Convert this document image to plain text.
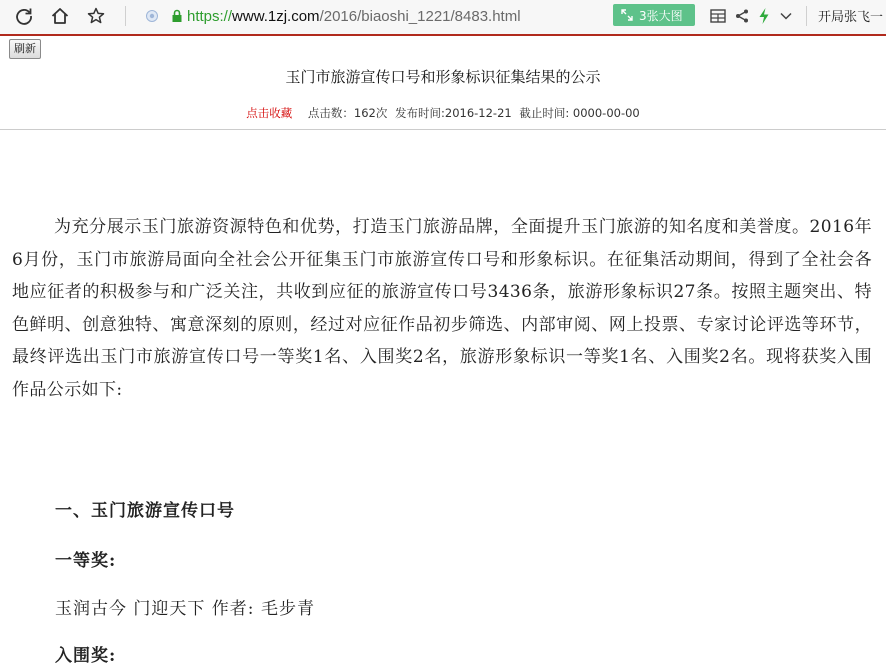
https://www.1zj.com/2016/biaoshi_1221/8483.html	3张大图	开局张飞一
刷新
玉门市旅游宣传口号和形象标识征集结果的公示
点击收藏 点击数：162次 发布时间:2016-12-21 截止时间: 0000-00-00
为充分展示玉门旅游资源特色和优势，打造玉门旅游品牌，全面提升玉门旅游的知名度和美誉度。2016年6月份，玉门市旅游局面向全社会公开征集玉门市旅游宣传口号和形象标识。在征集活动期间，得到了全社会各地应征者的积极参与和广泛关注，共收到应征的旅游宣传口号3436条，旅游形象标识27条。按照主题突出、特色鲜明、创意独特、寓意深刻的原则，经过对应征作品初步筛选、内部审阅、网上投票、专家讨论评选等环节，最终评选出玉门市旅游宣传口号一等奖1名、入围奖2名，旅游形象标识一等奖1名、入围奖2名。现将获奖入围作品公示如下:
一、玉门旅游宣传口号
一等奖:
玉润古今 门迎天下 作者: 毛步青
入围奖:
